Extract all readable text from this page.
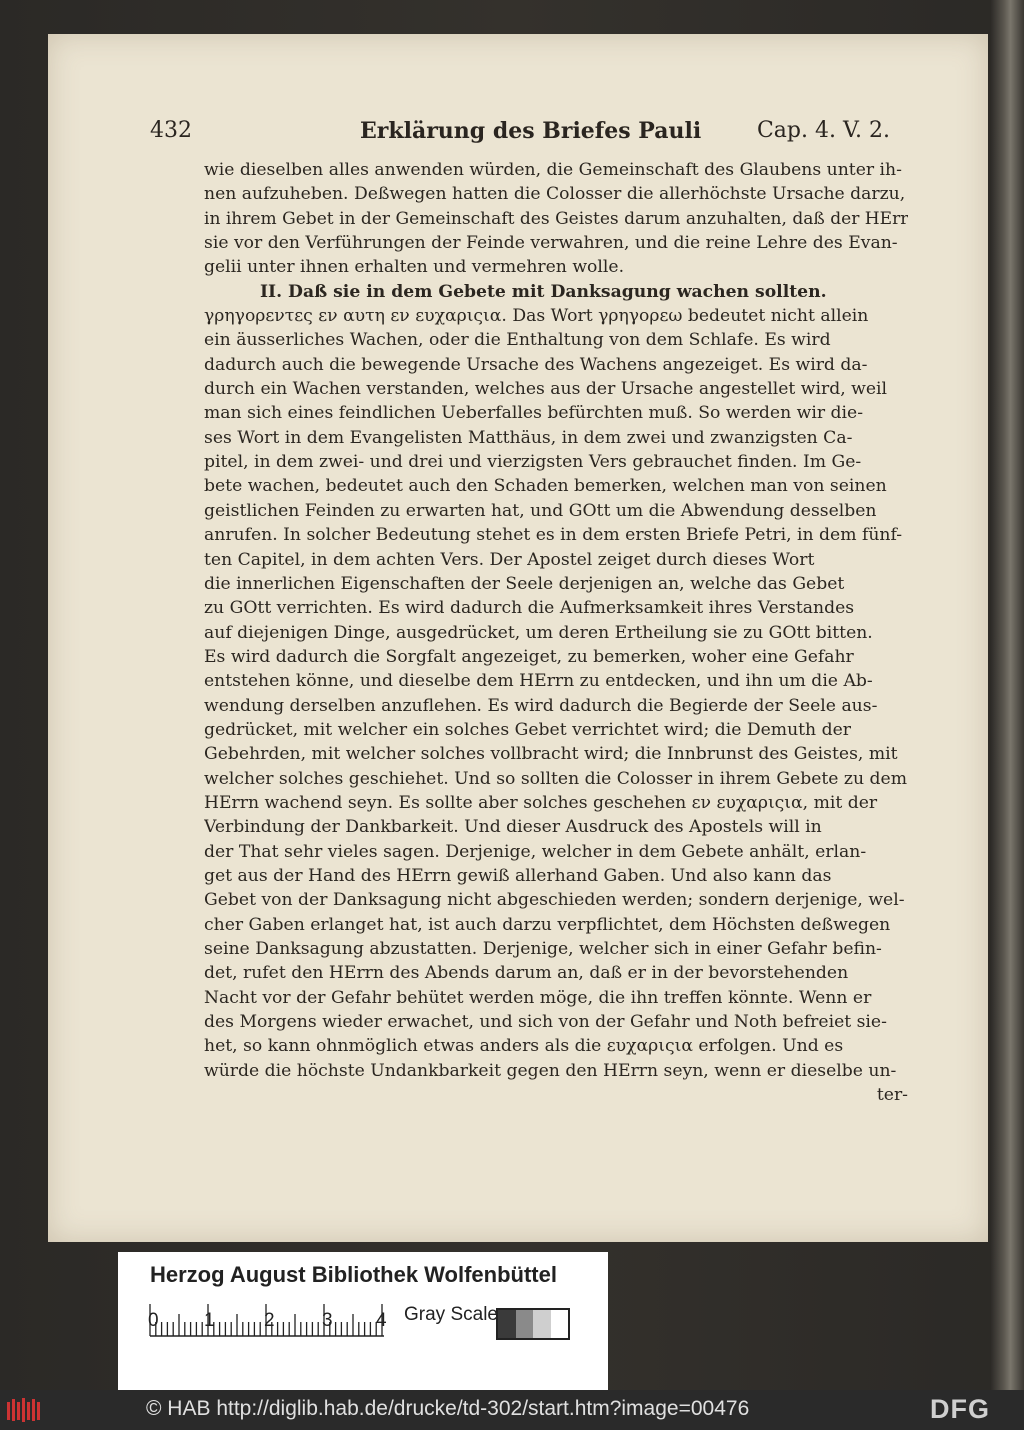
432	Erklärung des Briefes Pauli	Cap. 4. V. 2.
wie dieselben alles anwenden würden, die Gemeinschaft des Glaubens unter ih-
nen aufzuheben. Deßwegen hatten die Colosser die allerhöchste Ursache darzu,
in ihrem Gebet in der Gemeinschaft des Geistes darum anzuhalten, daß der HErr
sie vor den Verführungen der Feinde verwahren, und die reine Lehre des Evan-
gelii unter ihnen erhalten und vermehren wolle.
II. Daß sie in dem Gebete mit Danksagung wachen sollten.
γρηγορεντες εν αυτη εν ευχαριςια. Das Wort γρηγορεω bedeutet nicht allein
ein äusserliches Wachen, oder die Enthaltung von dem Schlafe. Es wird
dadurch auch die bewegende Ursache des Wachens angezeiget. Es wird da-
durch ein Wachen verstanden, welches aus der Ursache angestellet wird, weil
man sich eines feindlichen Ueberfalles befürchten muß. So werden wir die-
ses Wort in dem Evangelisten Matthäus, in dem zwei und zwanzigsten Ca-
pitel, in dem zwei- und drei und vierzigsten Vers gebrauchet finden. Im Ge-
bete wachen, bedeutet auch den Schaden bemerken, welchen man von seinen
geistlichen Feinden zu erwarten hat, und GOtt um die Abwendung desselben
anrufen. In solcher Bedeutung stehet es in dem ersten Briefe Petri, in dem fünf-
ten Capitel, in dem achten Vers. Der Apostel zeiget durch dieses Wort
die innerlichen Eigenschaften der Seele derjenigen an, welche das Gebet
zu GOtt verrichten. Es wird dadurch die Aufmerksamkeit ihres Verstandes
auf diejenigen Dinge, ausgedrücket, um deren Ertheilung sie zu GOtt bitten.
Es wird dadurch die Sorgfalt angezeiget, zu bemerken, woher eine Gefahr
entstehen könne, und dieselbe dem HErrn zu entdecken, und ihn um die Ab-
wendung derselben anzuflehen. Es wird dadurch die Begierde der Seele aus-
gedrücket, mit welcher ein solches Gebet verrichtet wird; die Demuth der
Gebehrden, mit welcher solches vollbracht wird; die Innbrunst des Geistes, mit
welcher solches geschiehet. Und so sollten die Colosser in ihrem Gebete zu dem
HErrn wachend seyn. Es sollte aber solches geschehen εν ευχαριςια, mit der
Verbindung der Dankbarkeit. Und dieser Ausdruck des Apostels will in
der That sehr vieles sagen. Derjenige, welcher in dem Gebete anhält, erlan-
get aus der Hand des HErrn gewiß allerhand Gaben. Und also kann das
Gebet von der Danksagung nicht abgeschieden werden; sondern derjenige, wel-
cher Gaben erlanget hat, ist auch darzu verpflichtet, dem Höchsten deßwegen
seine Danksagung abzustatten. Derjenige, welcher sich in einer Gefahr befin-
det, rufet den HErrn des Abends darum an, daß er in der bevorstehenden
Nacht vor der Gefahr behütet werden möge, die ihn treffen könnte. Wenn er
des Morgens wieder erwachet, und sich von der Gefahr und Noth befreiet sie-
het, so kann ohnmöglich etwas anders als die ευχαριςια erfolgen. Und es
würde die höchste Undankbarkeit gegen den HErrn seyn, wenn er dieselbe un-
ter-
Herzog August Bibliothek Wolfenbüttel
0 1	2 3 4 Gray Scale
© HAB http://diglib.hab.de/drucke/td-302/start.htm?image=00476	DFG
